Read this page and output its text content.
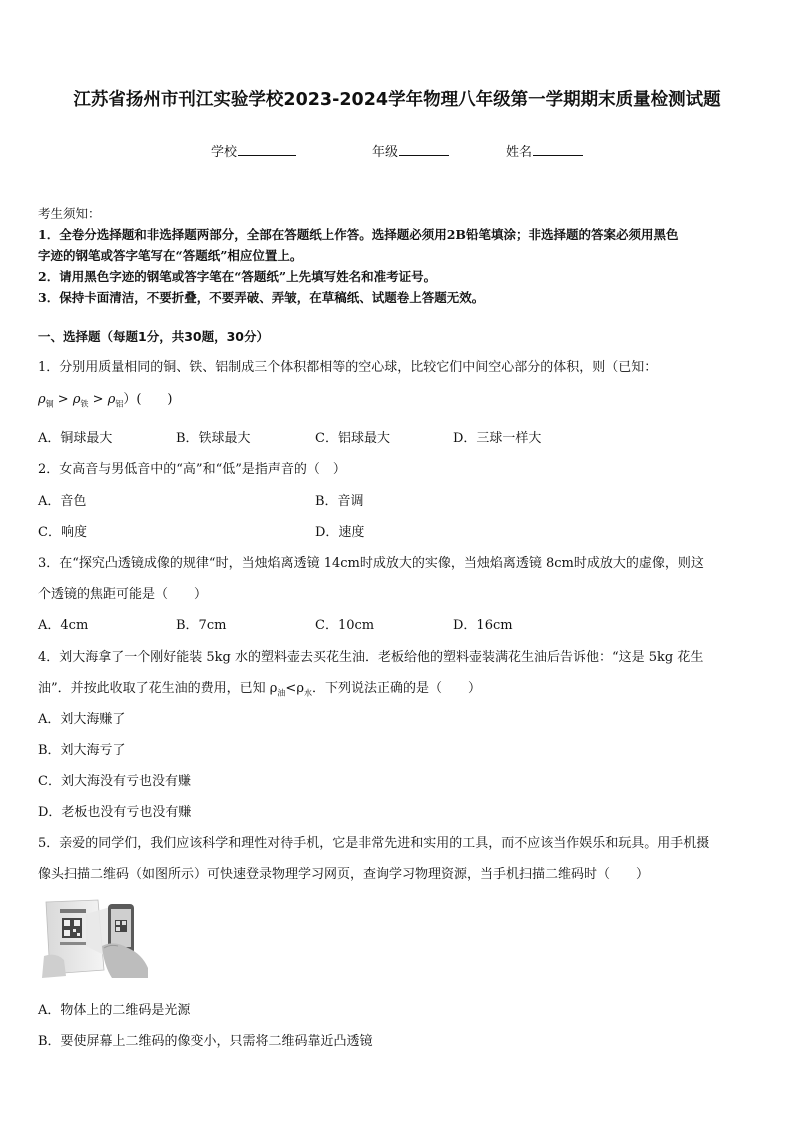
江苏省扬州市刊江实验学校2023-2024学年物理八年级第一学期期末质量检测试题
学校	年级	姓名
考生须知：
1．全卷分选择题和非选择题两部分，全部在答题纸上作答。选择题必须用2B铅笔填涂；非选择题的答案必须用黑色
字迹的钢笔或答字笔写在“答题纸”相应位置上。
2．请用黑色字迹的钢笔或答字笔在“答题纸”上先填写姓名和准考证号。
3．保持卡面清洁，不要折叠，不要弄破、弄皱，在草稿纸、试题卷上答题无效。
一、选择题（每题1分，共30题，30分）
1．分别用质量相同的铜、铁、铝制成三个体积都相等的空心球，比较它们中间空心部分的体积，则（已知：
$\rho_铜 > \rho_铁 > \rho_铝$）(　　)
A．铜球最大	B．铁球最大	C．铝球最大	D．三球一样大
2．女高音与男低音中的“高”和“低”是指声音的（　）
A．音色	B．音调
C．响度	D．速度
3．在“探究凸透镜成像的规律“时，当烛焰离透镜 14cm时成放大的实像，当烛焰离透镜 8cm时成放大的虚像，则这
个透镜的焦距可能是（　　）
A．4cm	B．7cm	C．10cm	D．16cm
4．刘大海拿了一个刚好能装 5kg 水的塑料壶去买花生油．老板给他的塑料壶装满花生油后告诉他：“这是 5kg 花生
油”．并按此收取了花生油的费用，已知 $\rho_油<\rho_水$．下列说法正确的是（　　）
A．刘大海赚了
B．刘大海亏了
C．刘大海没有亏也没有赚
D．老板也没有亏也没有赚
5．亲爱的同学们，我们应该科学和理性对待手机，它是非常先进和实用的工具，而不应该当作娱乐和玩具。用手机摄
像头扫描二维码（如图所示）可快速登录物理学习网页，查询学习物理资源，当手机扫描二维码时（　　）
A．物体上的二维码是光源
B．要使屏幕上二维码的像变小，只需将二维码靠近凸透镜
